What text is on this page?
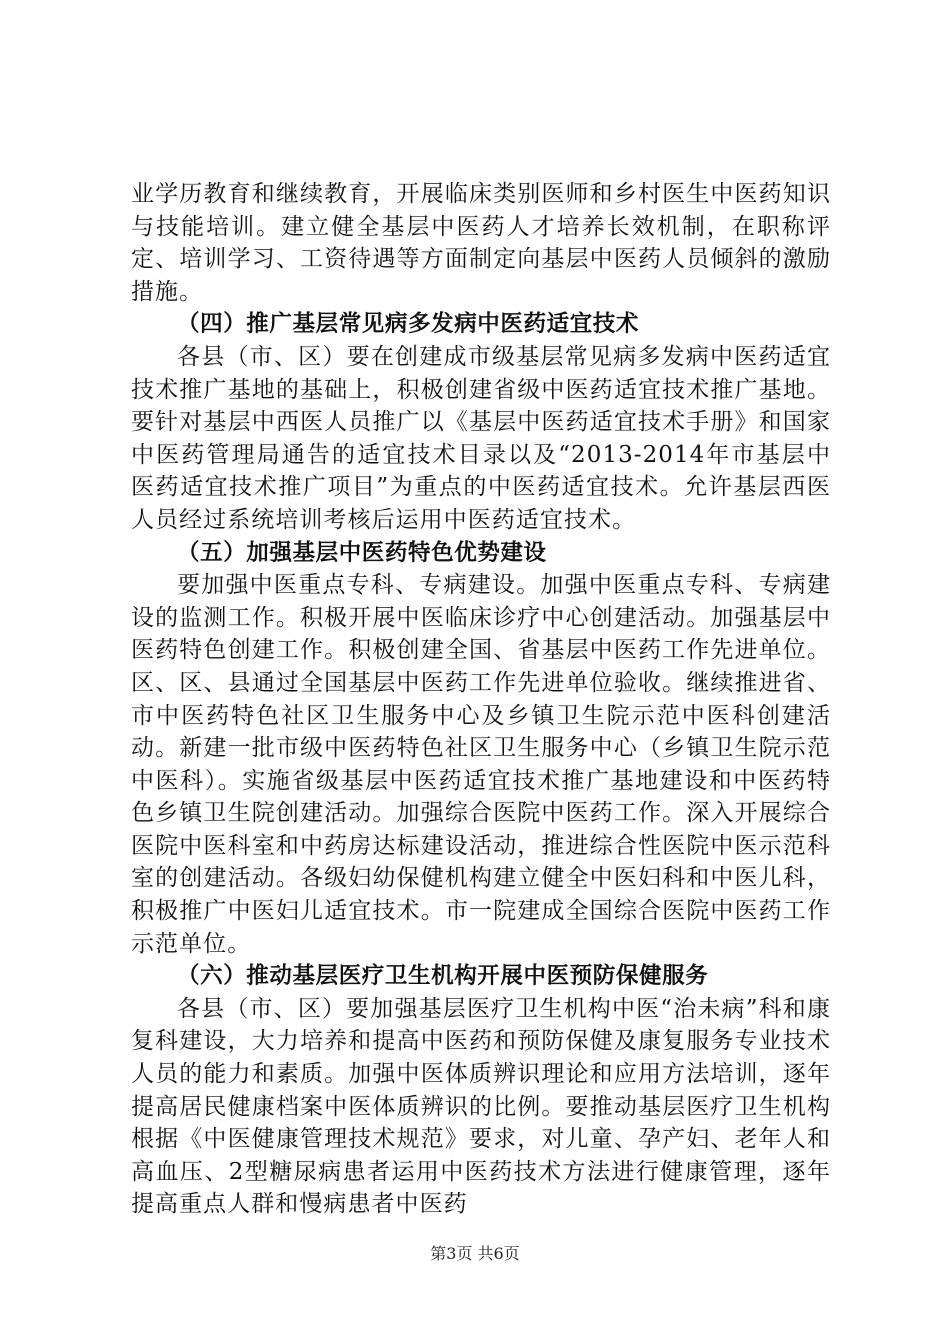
业学历教育和继续教育，开展临床类别医师和乡村医生中医药知识与技能培训。建立健全基层中医药人才培养长效机制，在职称评定、培训学习、工资待遇等方面制定向基层中医药人员倾斜的激励措施。

（四）推广基层常见病多发病中医药适宜技术

各县（市、区）要在创建成市级基层常见病多发病中医药适宜技术推广基地的基础上，积极创建省级中医药适宜技术推广基地。要针对基层中西医人员推广以《基层中医药适宜技术手册》和国家中医药管理局通告的适宜技术目录以及“2013-2014年市基层中医药适宜技术推广项目”为重点的中医药适宜技术。允许基层西医人员经过系统培训考核后运用中医药适宜技术。

（五）加强基层中医药特色优势建设

要加强中医重点专科、专病建设。加强中医重点专科、专病建设的监测工作。积极开展中医临床诊疗中心创建活动。加强基层中医药特色创建工作。积极创建全国、省基层中医药工作先进单位。区、区、县通过全国基层中医药工作先进单位验收。继续推进省、市中医药特色社区卫生服务中心及乡镇卫生院示范中医科创建活动。新建一批市级中医药特色社区卫生服务中心（乡镇卫生院示范中医科）。实施省级基层中医药适宜技术推广基地建设和中医药特色乡镇卫生院创建活动。加强综合医院中医药工作。深入开展综合医院中医科室和中药房达标建设活动，推进综合性医院中医示范科室的创建活动。各级妇幼保健机构建立健全中医妇科和中医儿科，积极推广中医妇儿适宜技术。市一院建成全国综合医院中医药工作示范单位。

（六）推动基层医疗卫生机构开展中医预防保健服务

各县（市、区）要加强基层医疗卫生机构中医“治未病”科和康复科建设，大力培养和提高中医药和预防保健及康复服务专业技术人员的能力和素质。加强中医体质辨识理论和应用方法培训，逐年提高居民健康档案中医体质辨识的比例。要推动基层医疗卫生机构根据《中医健康管理技术规范》要求，对儿童、孕产妇、老年人和高血压、2型糖尿病患者运用中医药技术方法进行健康管理，逐年提高重点人群和慢病患者中医药

第3页 共6页
